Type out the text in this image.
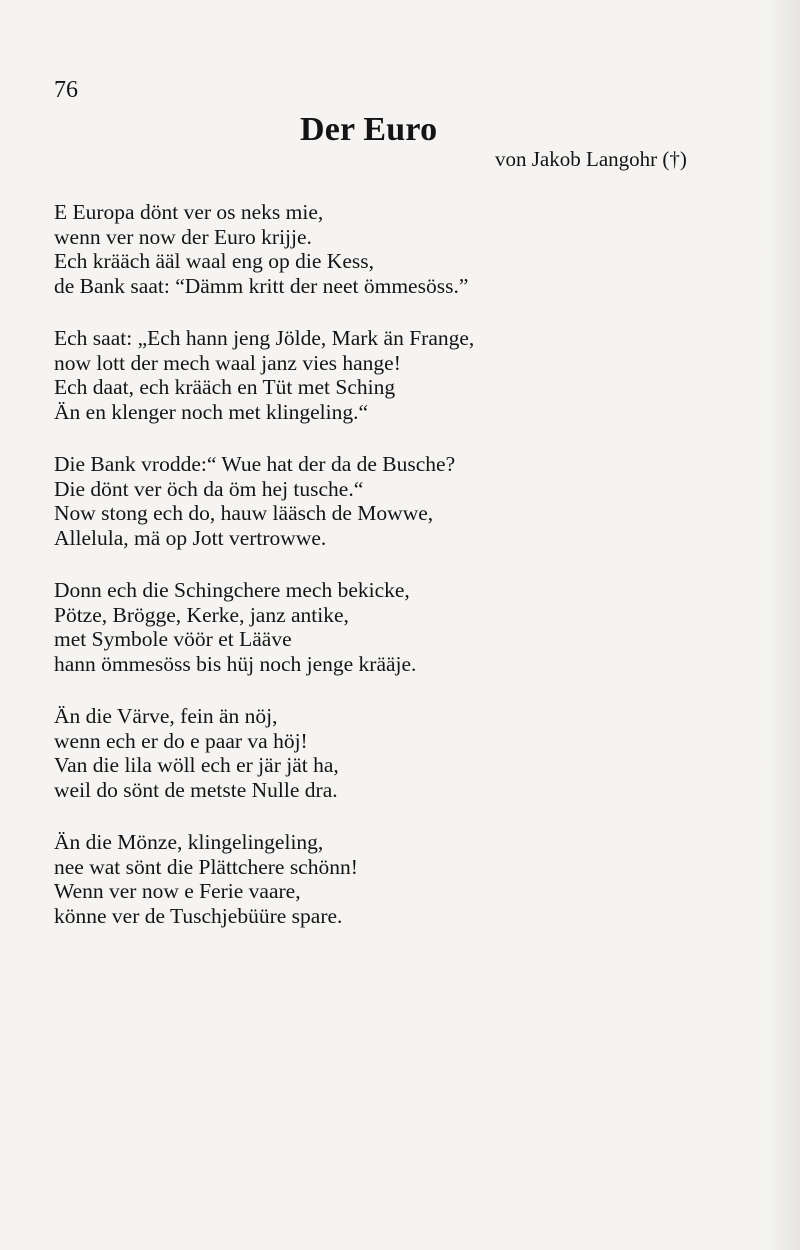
76
Der Euro
von Jakob Langohr (†)
E Europa dönt ver os neks mie,
wenn ver now der Euro krijje.
Ech krääch ääl waal eng op die Kess,
de Bank saat: “Dämm kritt der neet ömmesöss.”
Ech saat: „Ech hann jeng Jölde, Mark än Frange,
now lott der mech waal janz vies hange!
Ech daat, ech krääch en Tüt met Sching
Än en klenger noch met klingeling.“
Die Bank vrodde:“ Wue hat der da de Busche?
Die dönt ver öch da öm hej tusche.“
Now stong ech do, hauw lääsch de Mowwe,
Allelula, mä op Jott vertrowwe.
Donn ech die Schingchere mech bekicke,
Pötze, Brögge, Kerke, janz antike,
met Symbole vöör et Lääve
hann ömmesöss bis hüj noch jenge krääje.
Än die Värve, fein än nöj,
wenn ech er do e paar va höj!
Van die lila wöll ech er jär jät ha,
weil do sönt de metste Nulle dra.
Än die Mönze, klingelingeling,
nee wat sönt die Plättchere schönn!
Wenn ver now e Ferie vaare,
könne ver de Tuschjebüüre spare.
